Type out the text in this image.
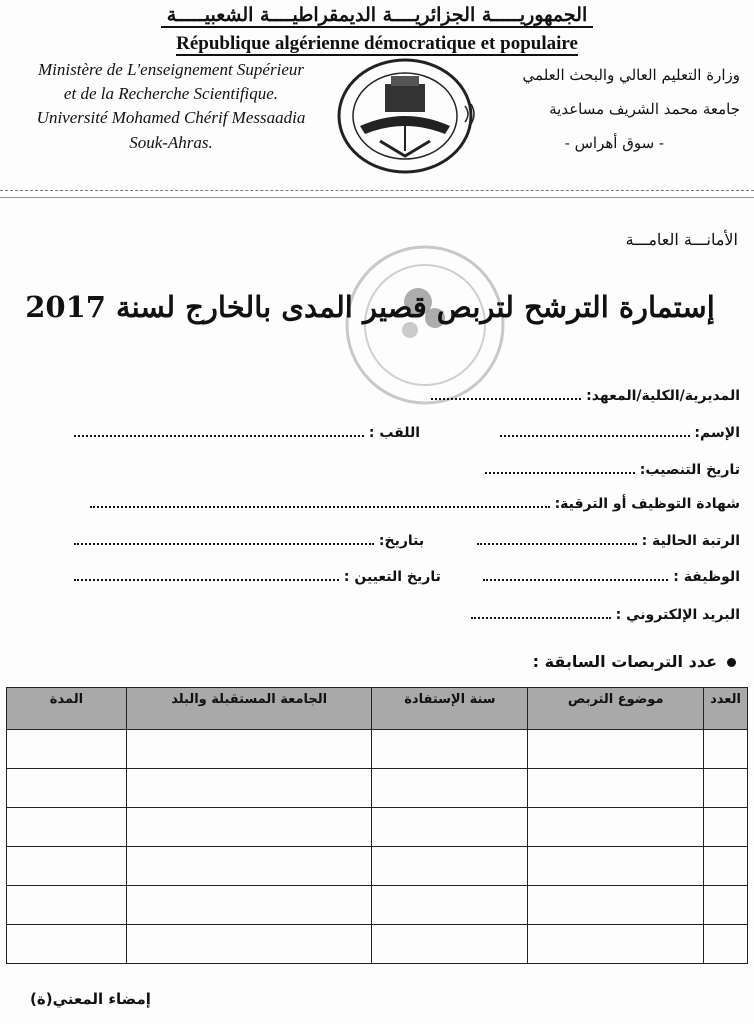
الجمهوريـــــة الجزائريــــة الديمقراطيــــة الشعبيـــــة
République algérienne démocratique et populaire
Ministère de L'enseignement Supérieur
et de la Recherche Scientifique.
Université Mohamed Chérif Messaadia
Souk-Ahras.
وزارة التعليم العالي والبحث العلمي
جامعة محمد الشريف مساعدية
- سوق أهراس -
الأمانـــة العامـــة
إستمارة الترشح لتربص قصير المدى بالخارج لسنة 2017
المديرية/الكلية/المعهد:
الإسم:
اللقب :
تاريخ التنصيب:
شهادة التوظيف أو الترقية:
الرتبة الحالية :
بتاريخ:
الوظيفة :
تاريخ التعيين :
البريد الإلكتروني :
عدد التربصات السابقة :
العدد	موضوع التربص	سنة الإستفادة	الجامعة المستقبلة والبلد	المدة

إمضاء المعني(ة)
